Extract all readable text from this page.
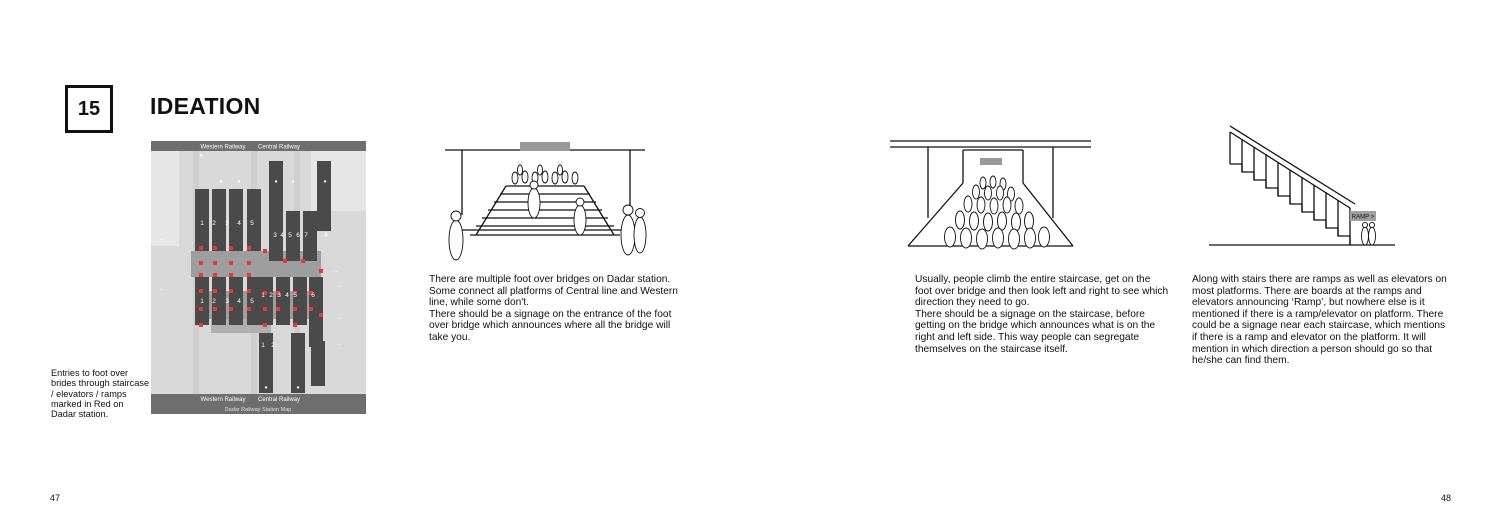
15 IDEATION
←
←
→
→
→
→
●
●	●	● ●	●
●	●
Western Railway Central Railway
Western Railway Central Railway
Dadar Railway Station Map
1 2 3 4 5
3 4 5 6 7	8
1 2 3 4 5
1 2 3 4 5 6
1 2
Entries to foot over brides through staircase / elevators / ramps marked in Red on Dadar station.

There are multiple foot over bridges on Dadar station. Some connect all platforms of Central line and Western line, while some don't.

There should be a signage on the entrance of the foot over bridge which announces where all the bridge will take you.

Usually, people climb the entire staircase, get on the foot over bridge and then look left and right to see which direction they need to go.

There should be a signage on the staircase, before getting on the bridge which announces what is on the right and left side. This way people can segregate themselves on the staircase itself.

RAMP >

Along with stairs there are ramps as well as elevators on most platforms. There are boards at the ramps and elevators announcing ‘Ramp’, but nowhere else is it mentioned if there is a ramp/elevator on platform. There could be a signage near each staircase, which mentions if there is a ramp and elevator on the platform. It will mention in which direction a person should go so that he/she can find them.

47	48
